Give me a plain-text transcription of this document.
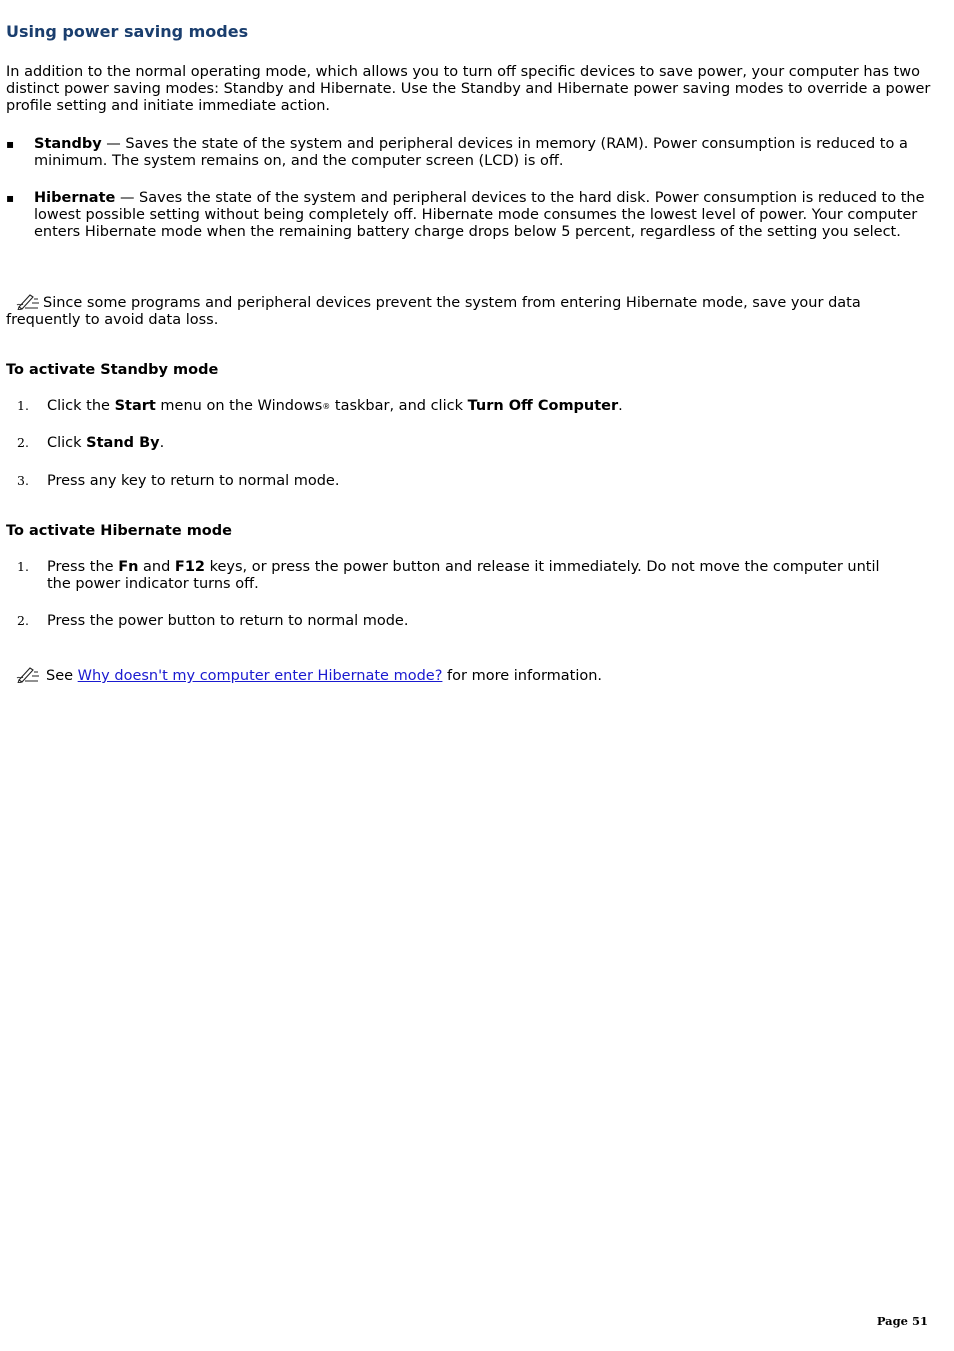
Using power saving modes
In addition to the normal operating mode, which allows you to turn off specific devices to save power, your computer has two distinct power saving modes: Standby and Hibernate. Use the Standby and Hibernate power saving modes to override a power profile setting and initiate immediate action.
▪ Standby — Saves the state of the system and peripheral devices in memory (RAM). Power consumption is reduced to a minimum. The system remains on, and the computer screen (LCD) is off.
▪ Hibernate — Saves the state of the system and peripheral devices to the hard disk. Power consumption is reduced to the lowest possible setting without being completely off. Hibernate mode consumes the lowest level of power. Your computer enters Hibernate mode when the remaining battery charge drops below 5 percent, regardless of the setting you select.
Since some programs and peripheral devices prevent the system from entering Hibernate mode, save your data frequently to avoid data loss.
To activate Standby mode
1. Click the Start menu on the Windows® taskbar, and click Turn Off Computer.
2. Click Stand By.
3. Press any key to return to normal mode.
To activate Hibernate mode
1. Press the Fn and F12 keys, or press the power button and release it immediately. Do not move the computer until the power indicator turns off.
2. Press the power button to return to normal mode.
See Why doesn't my computer enter Hibernate mode? for more information.
Page 51
